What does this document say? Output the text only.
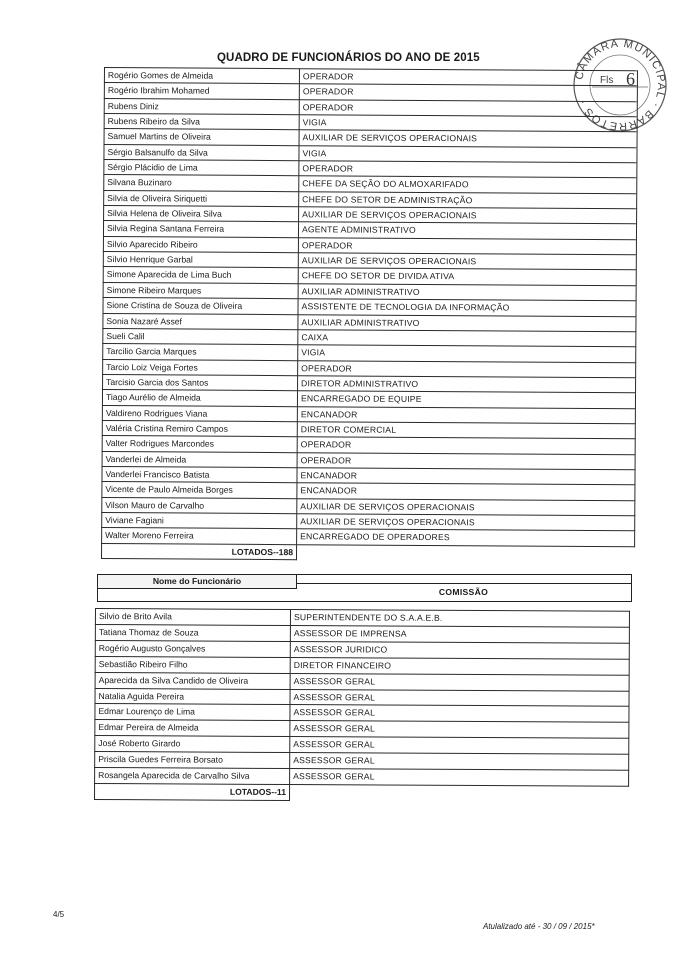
QUADRO DE FUNCIONÁRIOS DO ANO DE 2015
CÂMARA MUNICIPAL · BARRETOS ·
Fls 6
Rogério Gomes de Almeida	OPERADOR
Rogério Ibrahim Mohamed	OPERADOR
Rubens Diniz	OPERADOR
Rubens Ribeiro da Silva	VIGIA
Samuel Martins de Oliveira	AUXILIAR DE SERVIÇOS OPERACIONAIS
Sérgio Balsanulfo da Silva	VIGIA
Sérgio Plácidio de Lima	OPERADOR
Silvana Buzinaro	CHEFE DA SEÇÃO DO ALMOXARIFADO
Silvia de Oliveira Siriquetti	CHEFE DO SETOR DE ADMINISTRAÇÃO
Silvia Helena de Oliveira Silva	AUXILIAR DE SERVIÇOS OPERACIONAIS
Silvia Regina Santana Ferreira	AGENTE ADMINISTRATIVO
Silvio Aparecido Ribeiro	OPERADOR
Silvio Henrique Garbal	AUXILIAR DE SERVIÇOS OPERACIONAIS
Simone Aparecida de Lima Buch	CHEFE DO SETOR DE DIVIDA ATIVA
Simone Ribeiro Marques	AUXILIAR ADMINISTRATIVO
Sione Cristina de Souza de Oliveira	ASSISTENTE DE TECNOLOGIA DA INFORMAÇÃO
Sonia Nazaré Assef	AUXILIAR ADMINISTRATIVO
Sueli Calil	CAIXA
Tarcilio Garcia Marques	VIGIA
Tarcio Loiz Veiga Fortes	OPERADOR
Tarcisio Garcia dos Santos	DIRETOR ADMINISTRATIVO
Tiago Aurélio de Almeida	ENCARREGADO DE EQUIPE
Valdireno Rodrigues Viana	ENCANADOR
Valéria Cristina Remiro Campos	DIRETOR COMERCIAL
Valter Rodrigues Marcondes	OPERADOR
Vanderlei de Almeida	OPERADOR
Vanderlei Francisco Batista	ENCANADOR
Vicente de Paulo Almeida Borges	ENCANADOR
Vilson Mauro de Carvalho	AUXILIAR DE SERVIÇOS OPERACIONAIS
Viviane Fagiani	AUXILIAR DE SERVIÇOS OPERACIONAIS
Walter Moreno Ferreira	ENCARREGADO DE OPERADORES
LOTADOS--188	
Nome do Funcionário
COMISSÃO
Silvio de Brito Avila	SUPERINTENDENTE DO S.A.A.E.B.
Tatiana Thomaz de Souza	ASSESSOR DE IMPRENSA
Rogério Augusto Gonçalves	ASSESSOR JURIDICO
Sebastião Ribeiro Filho	DIRETOR FINANCEIRO
Aparecida da Silva Candido de Oliveira	ASSESSOR GERAL
Natalia Aguida Pereira	ASSESSOR GERAL
Edmar Lourenço de Lima	ASSESSOR GERAL
Edmar Pereira de Almeida	ASSESSOR GERAL
José Roberto Girardo	ASSESSOR GERAL
Priscila Guedes Ferreira Borsato	ASSESSOR GERAL
Rosangela Aparecida de Carvalho Silva	ASSESSOR GERAL
LOTADOS--11	
4/5
Atulalizado até - 30 / 09 / 2015*
